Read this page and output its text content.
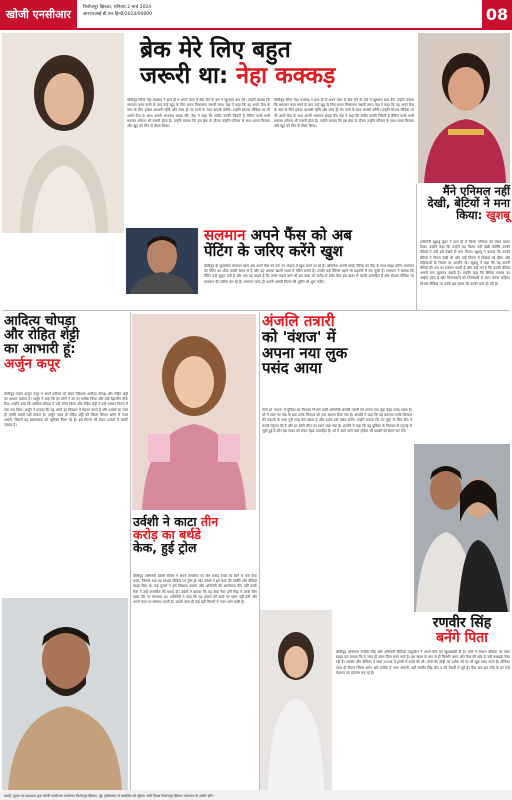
खोजी एनसीआर	फिरोजपुर झिरका, शनिवार 2 मार्च 2024
आरएनआई-डी.एल.हिन्दी/2024/00000	08
ब्रेक मेरे लिए बहुत
जरूरी था: नेहा कक्कड़
बॉलीवुड सिंगर नेहा कक्कड़ ने हाल ही में अपने काम से ब्रेक लेने के बारे में खुलकर बात की। उन्होंने बताया कि लगातार काम करने के बाद उन्हें खुद के लिए समय निकालना जरूरी लगा। नेहा ने कहा कि वह अपने फैंस के प्यार के लिए हमेशा आभारी रहेंगी और जल्द ही नए गानों के साथ वापसी करेंगी। उन्होंने सोशल मीडिया पर भी अपने फैंस के साथ अपनी भावनाएं साझा कीं। नेहा ने कहा कि संगीत उनकी जिंदगी है लेकिन कभी-कभी रुककर सोचना भी जरूरी होता है। उन्होंने बताया कि इस ब्रेक के दौरान उन्होंने परिवार के साथ समय बिताया और खुद को फिर से तैयार किया।
बॉलीवुड सिंगर नेहा कक्कड़ ने हाल ही में अपने काम से ब्रेक लेने के बारे में खुलकर बात की। उन्होंने बताया कि लगातार काम करने के बाद उन्हें खुद के लिए समय निकालना जरूरी लगा। नेहा ने कहा कि वह अपने फैंस के प्यार के लिए हमेशा आभारी रहेंगी और जल्द ही नए गानों के साथ वापसी करेंगी। उन्होंने सोशल मीडिया पर भी अपने फैंस के साथ अपनी भावनाएं साझा कीं। नेहा ने कहा कि संगीत उनकी जिंदगी है लेकिन कभी-कभी रुककर सोचना भी जरूरी होता है। उन्होंने बताया कि इस ब्रेक के दौरान उन्होंने परिवार के साथ समय बिताया और खुद को फिर से तैयार किया।
सलमान अपने फैंस को अब
पेंटिंग के जरिए करेंगे खुश
बॉलीवुड के सुपरस्टार सलमान खान अब अपने फैंस को एक नए अंदाज में खुश करने जा रहे हैं। अभिनेता अपनी बनाई पेंटिंग्स को फैंस के साथ साझा करेंगे। सलमान को पेंटिंग का शौक काफी समय से है और वह अक्सर खाली समय में पेंटिंग बनाते हैं। उनकी कई पेंटिंग्स पहले भी प्रदर्शनी में लग चुकी हैं। सलमान ने बताया कि पेंटिंग उन्हें सुकून देती है और अब वह चाहते हैं कि उनके चाहने वाले भी इस कला को करीब से देखें। फैंस इस खबर से काफी उत्साहित हैं और सोशल मीडिया पर सलमान की तारीफ कर रहे हैं। सलमान जल्द ही अपनी अगली फिल्म की शूटिंग भी शुरू करेंगे।
मैंने एनिमल नहीं
देखी, बेटियों ने मना
किया: खुशबू
अभिनेत्री खुशबू सुंदर ने हाल ही में फिल्म एनिमल को लेकर बयान दिया। उन्होंने कहा कि उन्होंने यह फिल्म नहीं देखी क्योंकि उनकी बेटियों ने उन्हें इसे देखने से मना किया। खुशबू ने बताया कि उनकी बेटियों ने फिल्म देखी थी और उन्हें फिल्म में दिखाई गई हिंसा और महिलाओं के चित्रण पर आपत्ति थी। खुशबू ने कहा कि वह अपनी बेटियों की राय का सम्मान करती हैं और उन्हें गर्व है कि उनकी बेटियां अपनी बात खुलकर रखती हैं। उन्होंने कहा कि सिनेमा समाज का आईना होता है और फिल्मकारों को जिम्मेदारी से काम करना चाहिए। सोशल मीडिया पर उनके इस बयान की काफी चर्चा हो रही है।
आदित्य चोपड़ा
और रोहित शेट्टी
का आभारी हूं:
अर्जुन कपूर
बॉलीवुड एक्टर अर्जुन कपूर ने अपने करियर को लेकर निर्देशक आदित्य चोपड़ा और रोहित शेट्टी का आभार जताया है। अर्जुन ने कहा कि इन दोनों ने उन पर भरोसा किया और उन्हें बेहतरीन मौके दिए। उन्होंने कहा कि आदित्य चोपड़ा ने उन्हें लॉन्च किया और रोहित शेट्टी ने उन्हें एक्शन फिल्म में नया रूप दिया। अर्जुन ने बताया कि वह अपने हर किरदार में मेहनत करते हैं और दर्शकों का प्यार ही उनकी सबसे बड़ी ताकत है। अर्जुन जल्द ही रोहित शेट्टी की फिल्म सिंघम अगेन में नजर आएंगे, जिसमें वह खलनायक की भूमिका निभा रहे हैं। इस फिल्म को लेकर दर्शकों में काफी उत्साह है।
उर्वशी ने काटा तीन
करोड़ का बर्थडे
केक, हुई ट्रोल
बॉलीवुड अभिनेत्री उर्वशी रौतेला ने अपने जन्मदिन पर तीन करोड़ रुपये का सोने से बना केक काटा, जिसके बाद वह सोशल मीडिया पर ट्रोल हो गईं। उर्वशी ने इस केक की तस्वीरें और वीडियो साझा किए थे। कई यूजर्स ने इसे दिखावा बताया और अभिनेत्री की आलोचना की। वहीं उनके फैंस ने उन्हें जन्मदिन की बधाई दी। उर्वशी ने बताया कि यह केक रैपर हनी सिंह ने उनके लिए खास तौर पर मंगवाया था। अभिनेत्री ने कहा कि वह ट्रोलर्स की बातों पर ध्यान नहीं देतीं और अपने काम पर फोकस करती हैं। उर्वशी जल्द ही कई बड़ी फिल्मों में नजर आने वाली हैं।
अंजलि तत्रारी
को 'वंशज' में
अपना नया लुक
पसंद आया
टीवी शो 'वंशज' में युविका का किरदार निभाने वाली अभिनेत्री अंजलि तत्रारी को अपना नया लुक बेहद पसंद आया है। शो में आए नए मोड़ के बाद उनके किरदार को नया अंदाज दिया गया है। अंजलि ने कहा कि यह बदलाव उनके किरदार की कहानी के साथ पूरी तरह मेल खाता है और दर्शक इसे पसंद करेंगे। उन्होंने बताया कि नए लुक के लिए टीम ने काफी मेहनत की है और हर छोटी चीज का ध्यान रखा गया है। अंजलि ने कहा कि वह युविका के किरदार से गहराई से जुड़ी हुई हैं और इस सफर को लेकर बेहद उत्साहित हैं। शो में आगे आने वाले ट्विस्ट भी दर्शकों को हैरान कर देंगे।
रणवीर सिंह
बनेंगे पिता
बॉलीवुड अभिनेता रणवीर सिंह और अभिनेत्री दीपिका पादुकोण ने अपने फैंस को खुशखबरी दी है। दोनों ने सोशल मीडिया पर पोस्ट साझा कर बताया कि वे जल्द ही माता-पिता बनने वाले हैं। इस खबर के बाद से ही फिल्मी जगत और फैंस की ओर से उन्हें बधाइयां मिल रही हैं। रणवीर और दीपिका ने साल 2018 में इटली में शादी की थी। दोनों की जोड़ी को दर्शक पर्दे पर भी खूब पसंद करते हैं। दीपिका जल्द ही फिल्म सिंघम अगेन और कल्कि में नजर आएंगी, वहीं रणवीर सिंह डॉन 3 की तैयारी में जुटे हैं। फैंस अब इस जोड़े के घर नन्हे मेहमान का इंतजार कर रहे हैं।
स्वामी, मुद्रक एवं प्रकाशक द्वारा खोजी एनसीआर कार्यालय फिरोजपुर झिरका, नूंह (हरियाणा) से प्रकाशित एवं मुद्रित। सभी विवाद फिरोजपुर झिरका न्यायालय के अधीन होंगे।
